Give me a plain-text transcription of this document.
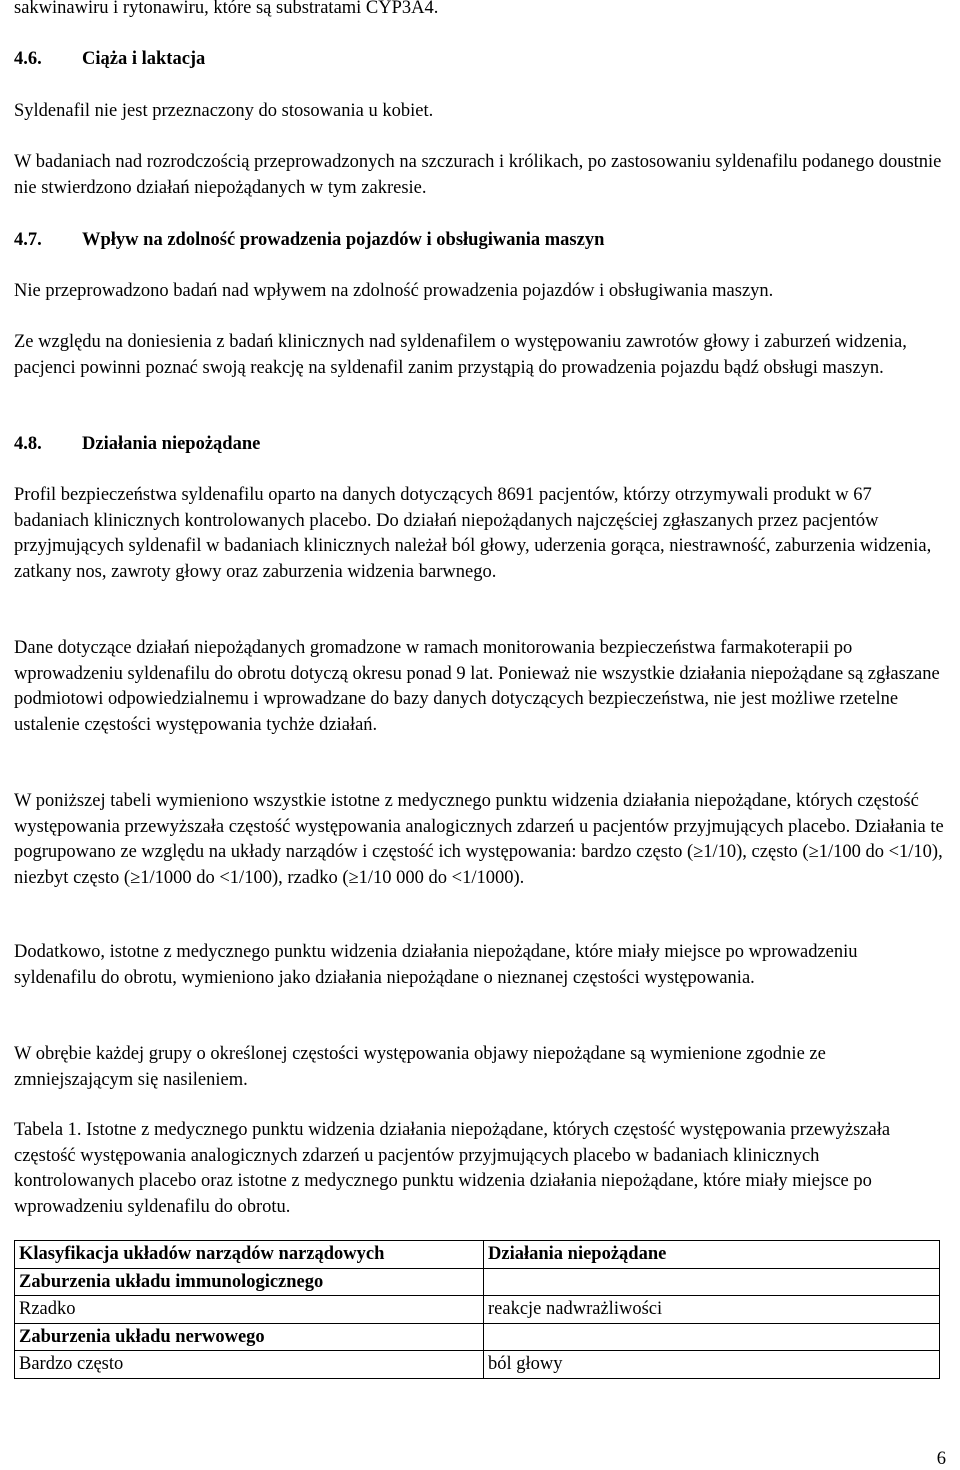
sakwinawiru i rytonawiru, które są substratami CYP3A4.

4.6. Ciąża i laktacja

Syldenafil nie jest przeznaczony do stosowania u kobiet.

W badaniach nad rozrodczością przeprowadzonych na szczurach i królikach, po zastosowaniu syldenafilu podanego doustnie nie stwierdzono działań niepożądanych w tym zakresie.

4.7. Wpływ na zdolność prowadzenia pojazdów i obsługiwania maszyn

Nie przeprowadzono badań nad wpływem na zdolność prowadzenia pojazdów i obsługiwania maszyn.

Ze względu na doniesienia z badań klinicznych nad syldenafilem o występowaniu zawrotów głowy i zaburzeń widzenia, pacjenci powinni poznać swoją reakcję na syldenafil zanim przystąpią do prowadzenia pojazdu bądź obsługi maszyn.

4.8. Działania niepożądane

Profil bezpieczeństwa syldenafilu oparto na danych dotyczących 8691 pacjentów, którzy otrzymywali produkt w 67 badaniach klinicznych kontrolowanych placebo. Do działań niepożądanych najczęściej zgłaszanych przez pacjentów przyjmujących syldenafil w badaniach klinicznych należał ból głowy, uderzenia gorąca, niestrawność, zaburzenia widzenia, zatkany nos, zawroty głowy oraz zaburzenia widzenia barwnego.

Dane dotyczące działań niepożądanych gromadzone w ramach monitorowania bezpieczeństwa farmakoterapii po wprowadzeniu syldenafilu do obrotu dotyczą okresu ponad 9 lat. Ponieważ nie wszystkie działania niepożądane są zgłaszane podmiotowi odpowiedzialnemu i wprowadzane do bazy danych dotyczących bezpieczeństwa, nie jest możliwe rzetelne ustalenie częstości występowania tychże działań.

W poniższej tabeli wymieniono wszystkie istotne z medycznego punktu widzenia działania niepożądane, których częstość występowania przewyższała częstość występowania analogicznych zdarzeń u pacjentów przyjmujących placebo. Działania te pogrupowano ze względu na układy narządów i częstość ich występowania: bardzo często (≥1/10), często (≥1/100 do <1/10), niezbyt często (≥1/1000 do <1/100), rzadko (≥1/10 000 do <1/1000).

Dodatkowo, istotne z medycznego punktu widzenia działania niepożądane, które miały miejsce po wprowadzeniu syldenafilu do obrotu, wymieniono jako działania niepożądane o nieznanej częstości występowania.

W obrębie każdej grupy o określonej częstości występowania objawy niepożądane są wymienione zgodnie ze zmniejszającym się nasileniem.

Tabela 1. Istotne z medycznego punktu widzenia działania niepożądane, których częstość występowania przewyższała częstość występowania analogicznych zdarzeń u pacjentów przyjmujących placebo w badaniach klinicznych kontrolowanych placebo oraz istotne z medycznego punktu widzenia działania niepożądane, które miały miejsce po wprowadzeniu syldenafilu do obrotu.

Klasyfikacja układów narządów narządowych	Działania niepożądane
Zaburzenia układu immunologicznego	
Rzadko	reakcje nadwrażliwości
Zaburzenia układu nerwowego	
Bardzo często	ból głowy
6
